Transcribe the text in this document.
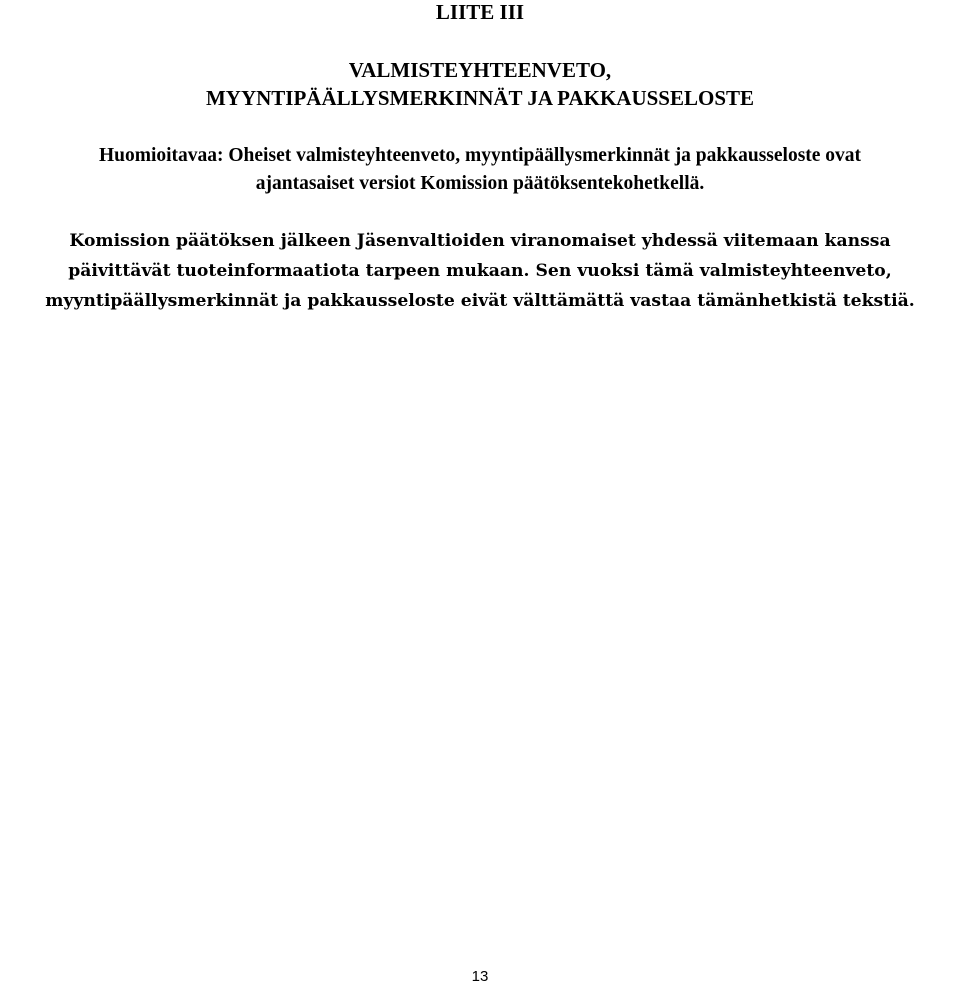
LIITE III
VALMISTEYHTEENVETO,
MYYNTIPÄÄLLYSMERKINNÄT JA PAKKAUSSELOSTE
Huomioitavaa: Oheiset valmisteyhteenveto, myyntipäällysmerkinnät ja pakkausseloste ovat
ajantasaiset versiot Komission päätöksentekohetkellä.
Komission päätöksen jälkeen Jäsenvaltioiden viranomaiset yhdessä viitemaan kanssa
päivittävät tuoteinformaatiota tarpeen mukaan. Sen vuoksi tämä valmisteyhteenveto,
myyntipäällysmerkinnät ja pakkausseloste eivät välttämättä vastaa tämänhetkistä tekstiä.
13
